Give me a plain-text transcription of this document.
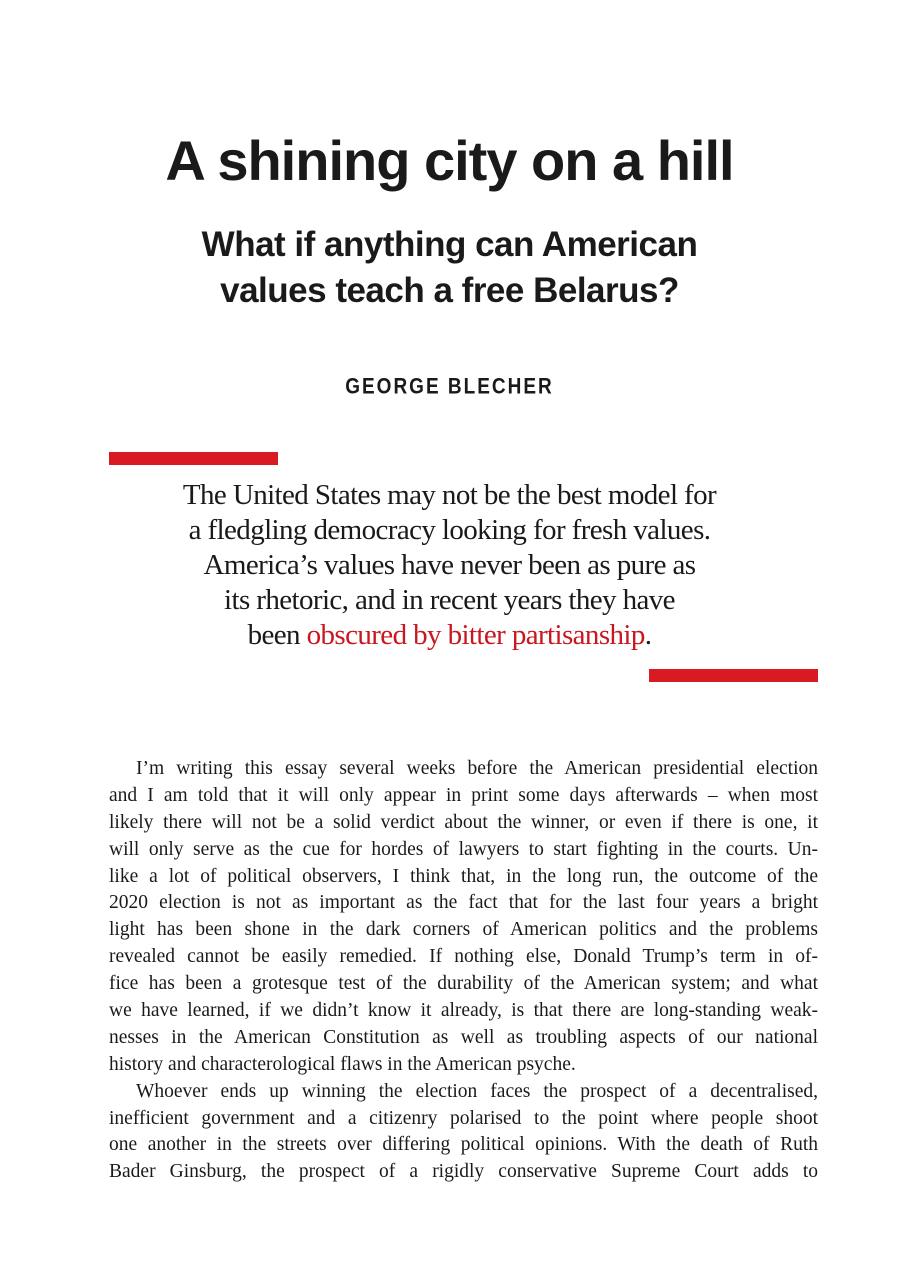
A shining city on a hill
What if anything can American
values teach a free Belarus?
GEORGE BLECHER
The United States may not be the best model for
a fledgling democracy looking for fresh values.
America’s values have never been as pure as
its rhetoric, and in recent years they have
been obscured by bitter partisanship.
I’m writing this essay several weeks before the American presidential election
and I am told that it will only appear in print some days afterwards – when most
likely there will not be a solid verdict about the winner, or even if there is one, it
will only serve as the cue for hordes of lawyers to start fighting in the courts. Un-
like a lot of political observers, I think that, in the long run, the outcome of the
2020 election is not as important as the fact that for the last four years a bright
light has been shone in the dark corners of American politics and the problems
revealed cannot be easily remedied. If nothing else, Donald Trump’s term in of-
fice has been a grotesque test of the durability of the American system; and what
we have learned, if we didn’t know it already, is that there are long-standing weak-
nesses in the American Constitution as well as troubling aspects of our national
history and characterological flaws in the American psyche.
Whoever ends up winning the election faces the prospect of a decentralised,
inefficient government and a citizenry polarised to the point where people shoot
one another in the streets over differing political opinions. With the death of Ruth
Bader Ginsburg, the prospect of a rigidly conservative Supreme Court adds to
